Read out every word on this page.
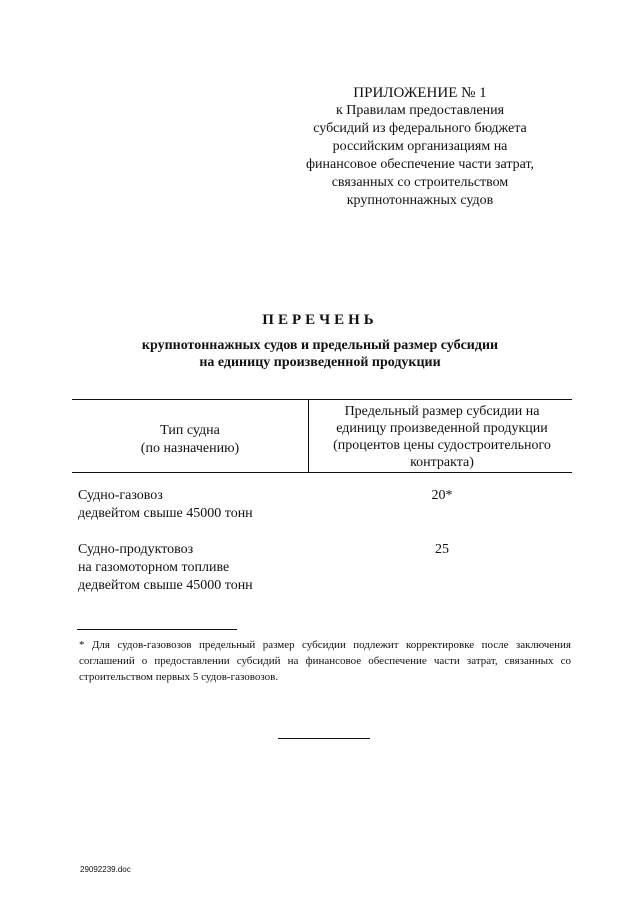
ПРИЛОЖЕНИЕ № 1
к Правилам предоставления
субсидий из федерального бюджета
российским организациям на
финансовое обеспечение части затрат,
связанных со строительством
крупнотоннажных судов
ПЕРЕЧЕНЬ
крупнотоннажных судов и предельный размер субсидии
на единицу произведенной продукции
Тип судна
(по назначению)
Предельный размер субсидии на
единицу произведенной продукции
(процентов цены судостроительного
контракта)
Судно-газовоз
дедвейтом свыше 45000 тонн
20*
Судно-продуктовоз
на газомоторном топливе
дедвейтом свыше 45000 тонн
25
* Для судов-газовозов предельный размер субсидии подлежит корректировке после заключения соглашений о предоставлении субсидий на финансовое обеспечение части затрат, связанных со строительством первых 5 судов-газовозов.
29092239.doc
